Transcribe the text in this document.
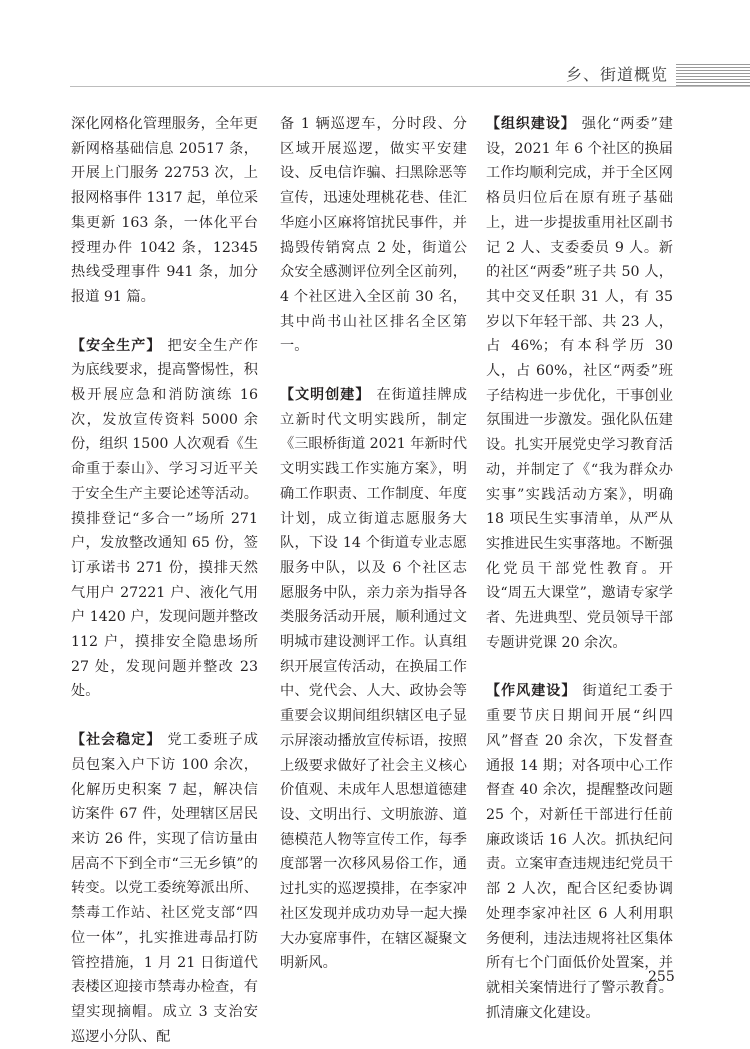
乡、街道概览

深化网格化管理服务，全年更新网格基础信息 20517 条，开展上门服务 22753 次，上报网格事件 1317 起，单位采集更新 163 条，一体化平台授理办件 1042 条，12345 热线受理事件 941 条，加分报道 91 篇。

【安全生产】 把安全生产作为底线要求，提高警惕性，积极开展应急和消防演练 16 次，发放宣传资料 5000 余份，组织 1500 人次观看《生命重于泰山》、学习习近平关于安全生产主要论述等活动。摸排登记“多合一”场所 271 户，发放整改通知 65 份，签订承诺书 271 份，摸排天然气用户 27221 户、液化气用户 1420 户，发现问题并整改 112 户，摸排安全隐患场所 27 处，发现问题并整改 23 处。

【社会稳定】 党工委班子成员包案入户下访 100 余次，化解历史积案 7 起，解决信访案件 67 件，处理辖区居民来访 26 件，实现了信访量由居高不下到全市“三无乡镇”的转变。以党工委统筹派出所、禁毒工作站、社区党支部“四位一体”，扎实推进毒品打防管控措施，1 月 21 日街道代表楼区迎接市禁毒办检查，有望实现摘帽。成立 3 支治安巡逻小分队、配

备 1 辆巡逻车，分时段、分区域开展巡逻，做实平安建设、反电信诈骗、扫黑除恶等宣传，迅速处理桃花巷、佳汇华庭小区麻将馆扰民事件，并捣毁传销窝点 2 处，街道公众安全感测评位列全区前列，4 个社区进入全区前 30 名，其中尚书山社区排名全区第一。

【文明创建】 在街道挂牌成立新时代文明实践所，制定《三眼桥街道 2021 年新时代文明实践工作实施方案》，明确工作职责、工作制度、年度计划，成立街道志愿服务大队，下设 14 个街道专业志愿服务中队，以及 6 个社区志愿服务中队，亲力亲为指导各类服务活动开展，顺利通过文明城市建设测评工作。认真组织开展宣传活动，在换届工作中、党代会、人大、政协会等重要会议期间组织辖区电子显示屏滚动播放宣传标语，按照上级要求做好了社会主义核心价值观、未成年人思想道德建设、文明出行、文明旅游、道德模范人物等宣传工作，每季度部署一次移风易俗工作，通过扎实的巡逻摸排，在李家冲社区发现并成功劝导一起大操大办宴席事件，在辖区凝聚文明新风。

【组织建设】 强化“两委”建设，2021 年 6 个社区的换届工作均顺利完成，并于全区网格员归位后在原有班子基础上，进一步提拔重用社区副书记 2 人、支委委员 9 人。新的社区“两委”班子共 50 人，其中交叉任职 31 人，有 35 岁以下年轻干部、共 23 人，占 46%；有本科学历 30 人，占 60%，社区“两委”班子结构进一步优化，干事创业氛围进一步激发。强化队伍建设。扎实开展党史学习教育活动，并制定了《“我为群众办实事”实践活动方案》，明确 18 项民生实事清单，从严从实推进民生实事落地。不断强化党员干部党性教育。开设“周五大课堂”，邀请专家学者、先进典型、党员领导干部专题讲党课 20 余次。

【作风建设】 街道纪工委于重要节庆日期间开展“纠四风”督查 20 余次，下发督查通报 14 期；对各项中心工作督查 40 余次，提醒整改问题 25 个，对新任干部进行任前廉政谈话 16 人次。抓执纪问责。立案审查违规违纪党员干部 2 人次，配合区纪委协调处理李家冲社区 6 人利用职务便利，违法违规将社区集体所有七个门面低价处置案，并就相关案情进行了警示教育。抓清廉文化建设。

255
